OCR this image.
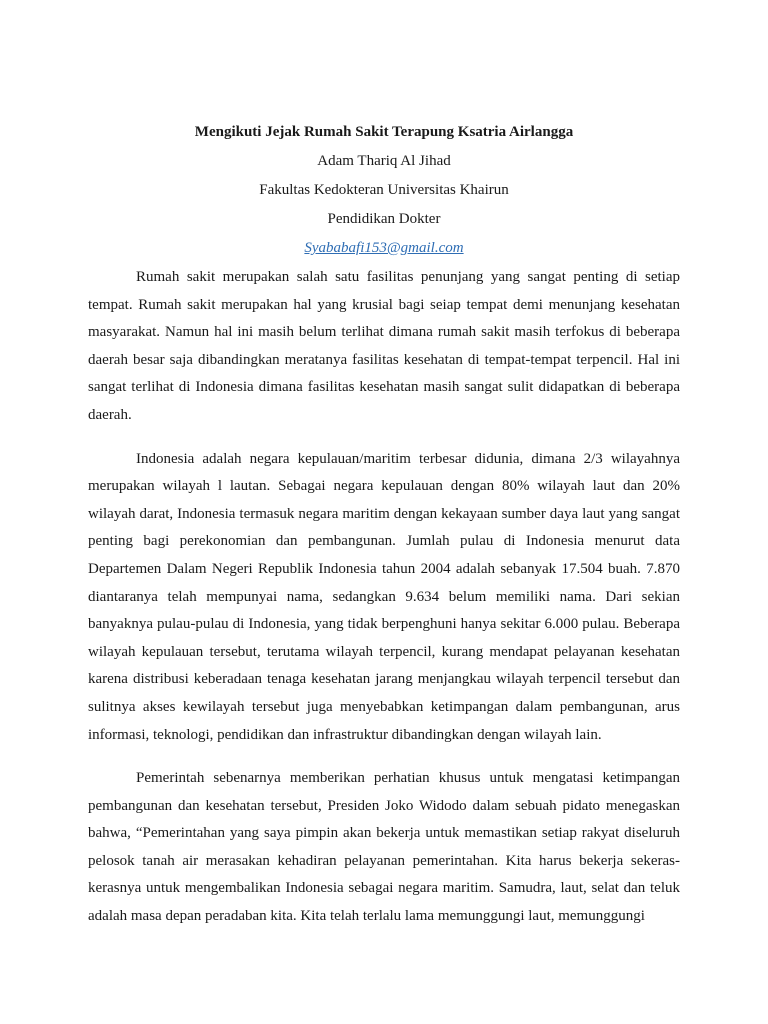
Mengikuti Jejak Rumah Sakit Terapung Ksatria Airlangga

Adam Thariq Al Jihad

Fakultas Kedokteran Universitas Khairun

Pendidikan Dokter

Syababafi153@gmail.com

Rumah sakit merupakan salah satu fasilitas penunjang yang sangat penting di setiap tempat. Rumah sakit merupakan hal yang krusial bagi seiap tempat demi menunjang kesehatan masyarakat. Namun hal ini masih belum terlihat dimana rumah sakit masih terfokus di beberapa daerah besar saja dibandingkan meratanya fasilitas kesehatan di tempat-tempat terpencil. Hal ini sangat terlihat di Indonesia dimana fasilitas kesehatan masih sangat sulit didapatkan di beberapa daerah.

Indonesia adalah negara kepulauan/maritim terbesar didunia, dimana 2/3 wilayahnya merupakan wilayah l lautan. Sebagai negara kepulauan dengan 80% wilayah laut dan 20% wilayah darat, Indonesia termasuk negara maritim dengan kekayaan sumber daya laut yang sangat penting bagi perekonomian dan pembangunan. Jumlah pulau di Indonesia menurut data Departemen Dalam Negeri Republik Indonesia tahun 2004 adalah sebanyak 17.504 buah. 7.870 diantaranya telah mempunyai nama, sedangkan 9.634 belum memiliki nama. Dari sekian banyaknya pulau-pulau di Indonesia, yang tidak berpenghuni hanya sekitar 6.000 pulau. Beberapa wilayah kepulauan tersebut, terutama wilayah terpencil, kurang mendapat pelayanan kesehatan karena distribusi keberadaan tenaga kesehatan jarang menjangkau wilayah terpencil tersebut dan sulitnya akses kewilayah tersebut juga menyebabkan ketimpangan dalam pembangunan, arus informasi, teknologi, pendidikan dan infrastruktur dibandingkan dengan wilayah lain.

Pemerintah sebenarnya memberikan perhatian khusus untuk mengatasi ketimpangan pembangunan dan kesehatan tersebut, Presiden Joko Widodo dalam sebuah pidato menegaskan bahwa, “Pemerintahan yang saya pimpin akan bekerja untuk memastikan setiap rakyat diseluruh pelosok tanah air merasakan kehadiran pelayanan pemerintahan. Kita harus bekerja sekeras-kerasnya untuk mengembalikan Indonesia sebagai negara maritim. Samudra, laut, selat dan teluk adalah masa depan peradaban kita. Kita telah terlalu lama memunggungi laut, memunggungi
